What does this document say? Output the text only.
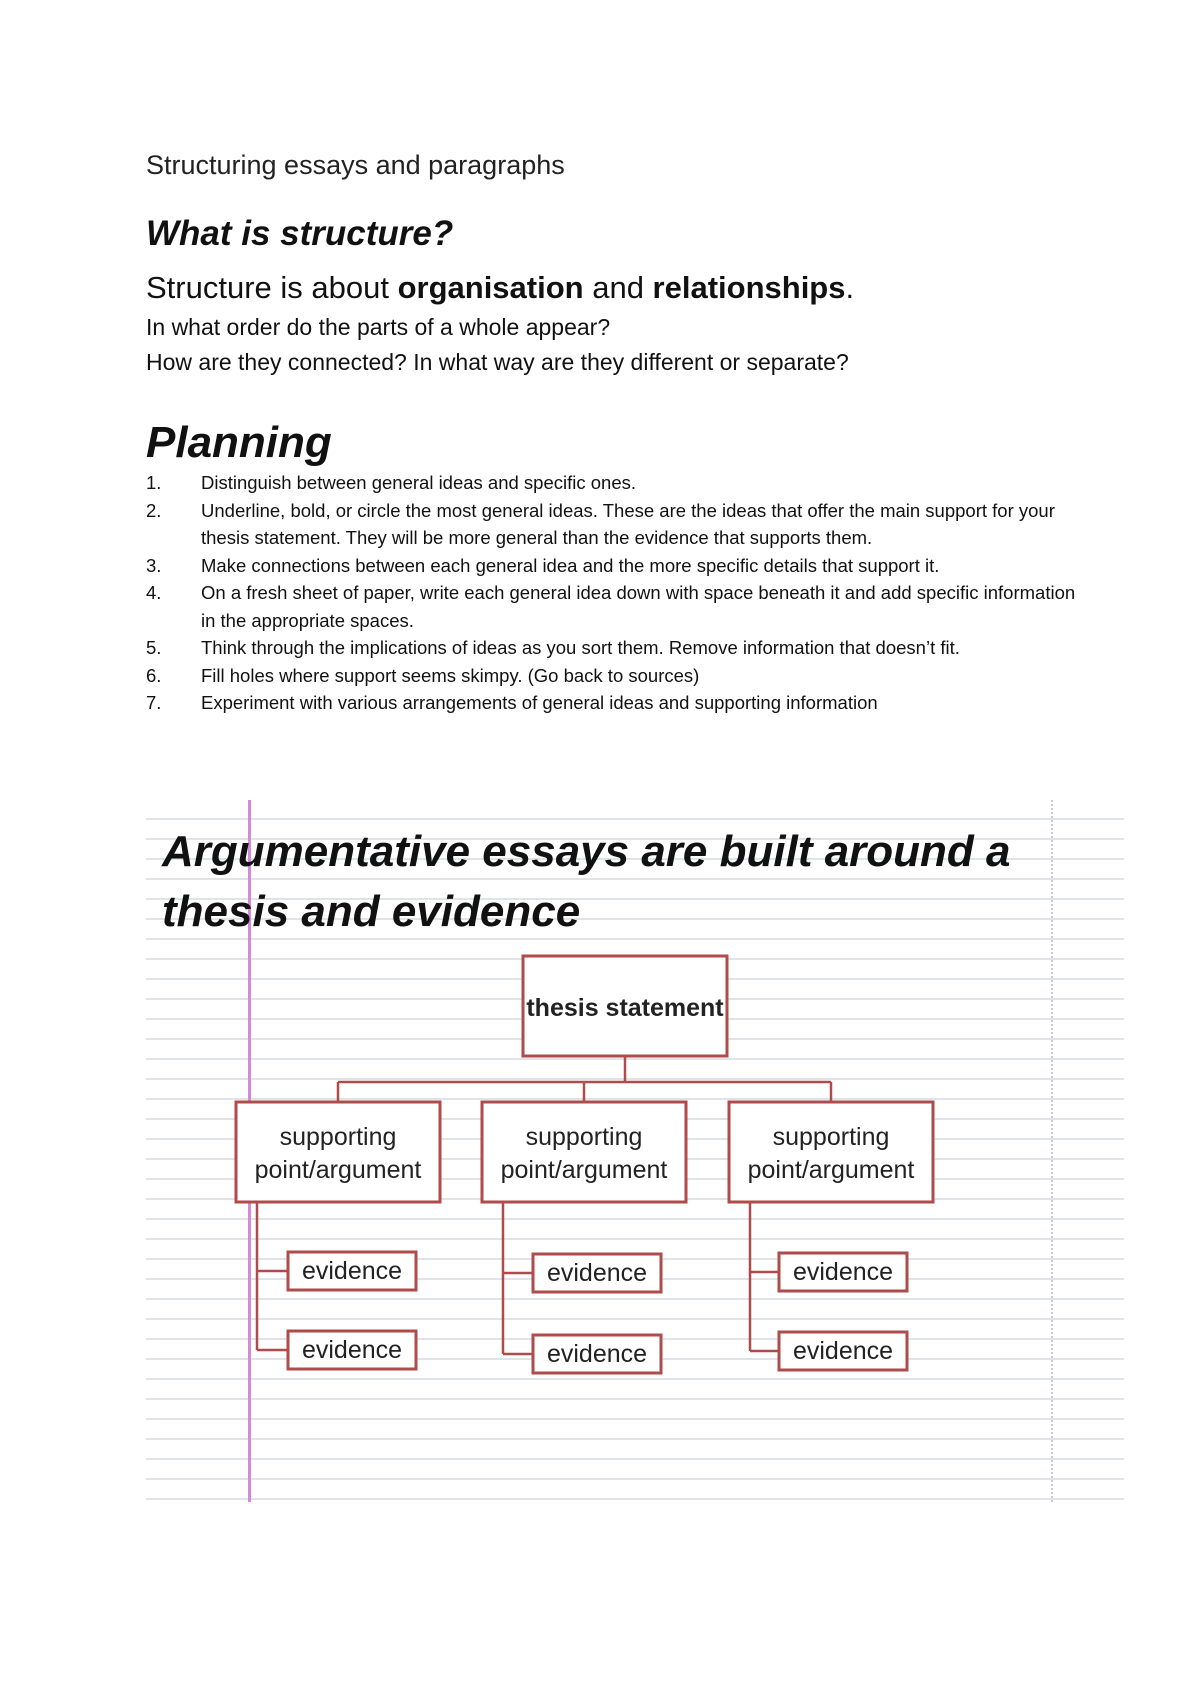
Structuring essays and paragraphs
What is structure?

Structure is about organisation and relationships.

In what order do the parts of a whole appear?

How are they connected? In what way are they different or separate?

Planning
1.	Distinguish between general ideas and specific ones.
2.	Underline, bold, or circle the most general ideas. These are the ideas that offer the main support for your thesis statement. They will be more general than the evidence that supports them.
3.	Make connections between each general idea and the more specific details that support it.
4.	On a fresh sheet of paper, write each general idea down with space beneath it and add specific information in the appropriate spaces.
5.	Think through the implications of ideas as you sort them. Remove information that doesn’t fit.
6.	Fill holes where support seems skimpy. (Go back to sources)
7.	Experiment with various arrangements of general ideas and supporting information
Argumentative essays are built around a thesis and evidence
thesis statement
supporting
point/argument
evidence
evidence
supporting
point/argument
evidence
evidence
supporting
point/argument
evidence
evidence
